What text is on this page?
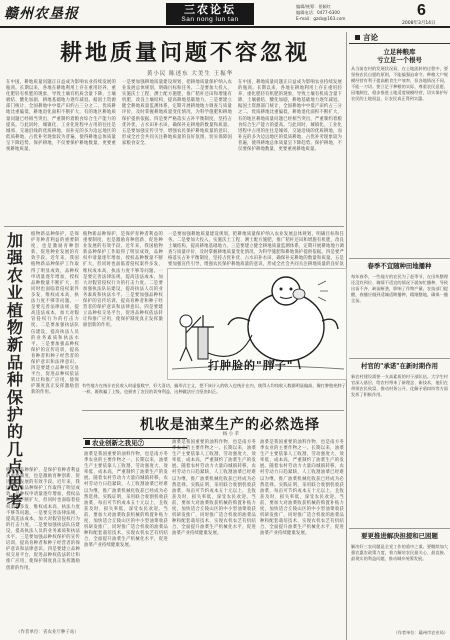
赣州农垦报	三农论坛
San nong lun tan
编辑/统筹：景颖红
编辑电话：0477-6300
E-mail：gzsb@163.com	6
2008年3月14日
耕地质量问题不容忽视
黄小民 陈述东 大美生 王振华
在中国，耕地质量问题正日益成为影响农业持续发展的瓶颈。长期以来，各地在耕地利用上存在重用轻养、重化肥轻有机肥的现象，导致土壤有机质含量下降、土壤板结、酸化加剧，耕地基础地力逐年减退。据国土资源部门统计，全国耕地中中低产田约占三分之二，优质耕地比重偏低，耕地退化面积不断扩大，有的地区耕地质量问题已经相当突出，严重制约着粮食综合生产能力的提高。与此同时，城镇化、工业化进程中占用的往往是城郊、交通沿线的优质耕地，而补充的多为边远地区的低质耕地，占优补劣现象较为普遍，使得耕地总体质量呈下降趋势。保护耕地，不仅要保护耕地数量，更要重视耕地质量。
一是要加强耕地质量建设规划，把耕地质量保护纳入农业发展总体规划，明确目标和任务。二是要加大投入，实施沃土工程、测土配方施肥，推广秸秆还田和增施有机肥，改良土壤结构，提高耕地基础地力。三是要建立健全耕地质量监测体系，定期开展耕地地力调查与质量评价，及时掌握耕地质量变化情况，为科学施肥和耕地保护提供依据。四是要严格落实占补平衡制度，坚持占优补优、占水田补水田，确保补充耕地的数量和质量。五是要加强宣传引导，增强农民保护耕地质量的意识，形成全社会共同关注耕地质量的良好氛围，切实保障国家粮食安全。
在中国，耕地质量问题正日益成为影响农业持续发展的瓶颈。长期以来，各地在耕地利用上存在重用轻养、重化肥轻有机肥的现象，导致土壤有机质含量下降、土壤板结、酸化加剧，耕地基础地力逐年减退。据国土资源部门统计，全国耕地中中低产田约占三分之二，优质耕地比重偏低，耕地退化面积不断扩大，有的地区耕地质量问题已经相当突出，严重制约着粮食综合生产能力的提高。与此同时，城镇化、工业化进程中占用的往往是城郊、交通沿线的优质耕地，而补充的多为边远地区的低质耕地，占优补劣现象较为普遍，使得耕地总体质量呈下降趋势。保护耕地，不仅要保护耕地数量，更要重视耕地质量。
加
强
农
业
植
物
新
品
种
保
护
的
几
点
思
考
植物新品种保护，是保护育种者利益的重要制度，也是激励育种创新、促进种业发展的有效手段。近年来，我国植物新品种保护工作取得了明显成效，品种权申请量逐年增加，授权品种数量不断扩大，但同时也面临着侵权案件多发、维权成本高、执法力度不够等问题。一是要完善法律法规，提高违法成本，加大对假冒侵权行为的打击力度。二是要加强执法队伍建设，提高执法人员的业务素质和执法水平。三是要加强品种权保护的宣传培训，提高育种者和种子经营者的保护意识和法律意识。四是要建立品种权交易平台，促进品种权依法转让和推广应用，使保护制度真正发挥激励创新的作用。
植物新品种保护，是保护育种者利益的重要制度，也是激励育种创新、促进种业发展的有效手段。近年来，我国植物新品种保护工作取得了明显成效，品种权申请量逐年增加，授权品种数量不断扩大，但同时也面临着侵权案件多发、维权成本高、执法力度不够等问题。一是要完善法律法规，提高违法成本，加大对假冒侵权行为的打击力度。二是要加强执法队伍建设，提高执法人员的业务素质和执法水平。三是要加强品种权保护的宣传培训，提高育种者和种子经营者的保护意识和法律意识。四是要建立品种权交易平台，促进品种权依法转让和推广应用，使保护制度真正发挥激励创新的作用。
植物新品种保护，是保护育种者利益的重要制度，也是激励育种创新、促进种业发展的有效手段。近年来，我国植物新品种保护工作取得了明显成效，品种权申请量逐年增加，授权品种数量不断扩大，但同时也面临着侵权案件多发、维权成本高、执法力度不够等问题。一是要完善法律法规，提高违法成本，加大对假冒侵权行为的打击力度。二是要加强执法队伍建设，提高执法人员的业务素质和执法水平。三是要加强品种权保护的宣传培训，提高育种者和种子经营者的保护意识和法律意识。四是要建立品种权交易平台，促进品种权依法转让和推广应用，使保护制度真正发挥激励创新的作用。
（作者单位：省农业厅种子站）
一是要加强耕地质量建设规划，把耕地质量保护纳入农业发展总体规划，明确目标和任务。二是要加大投入，实施沃土工程、测土配方施肥，推广秸秆还田和增施有机肥，改良土壤结构，提高耕地基础地力。三是要建立健全耕地质量监测体系，定期开展耕地地力调查与质量评价，及时掌握耕地质量变化情况，为科学施肥和耕地保护提供依据。四是要严格落实占补平衡制度，坚持占优补优、占水田补水田，确保补充耕地的数量和质量。五是要加强宣传引导，增强农民保护耕地质量的意识，形成全社会共同关注耕地质量的良好氛
打肿脸的"胖子"
有些地方在统计农民收入时虚报数字，好大喜功，搞形式主义，把不该计入的收入也统计在内，使得人均纯收入数据明显偏高，像打肿脸充胖子一样，既欺骗了上级，也损害了农民的切身利益，这种做法应当坚决纠正。
机收是油菜生产的必然选择
杨 小 苹
农业创新之我见⑦
油菜是我国重要的油料作物，也是南方冬季农业的主要作物之一。长期以来，油菜生产主要依靠人工收割，劳动强度大、效率低、成本高，严重制约了油菜生产的发展。随着农村劳动力大量向城镇转移，农村劳动力日趋紧缺，人工收割油菜已经难以为继，推广油菜机械化收获已经成为必然选择。实践证明，采用联合收割机收获油菜，每亩可节约成本五十元以上，且收获及时、损失率低，深受农民欢迎。当前，要加大对油菜收获机械的购置补贴力度，加快适合丘陵山区的中小型油菜收获机研发推广，同时推广适合机收的油菜品种和配套栽培技术，实现农机农艺有机结合，全面提升油菜生产机械化水平，促进油菜产业持续健康发展。
油菜是我国重要的油料作物，也是南方冬季农业的主要作物之一。长期以来，油菜生产主要依靠人工收割，劳动强度大、效率低、成本高，严重制约了油菜生产的发展。随着农村劳动力大量向城镇转移，农村劳动力日趋紧缺，人工收割油菜已经难以为继，推广油菜机械化收获已经成为必然选择。实践证明，采用联合收割机收获油菜，每亩可节约成本五十元以上，且收获及时、损失率低，深受农民欢迎。当前，要加大对油菜收获机械的购置补贴力度，加快适合丘陵山区的中小型油菜收获机研发推广，同时推广适合机收的油菜品种和配套栽培技术，实现农机农艺有机结合，全面提升油菜生产机械化水平，促进油菜产业持续健康发展。
油菜是我国重要的油料作物，也是南方冬季农业的主要作物之一。长期以来，油菜生产主要依靠人工收割，劳动强度大、效率低、成本高，严重制约了油菜生产的发展。随着农村劳动力大量向城镇转移，农村劳动力日趋紧缺，人工收割油菜已经难以为继，推广油菜机械化收获已经成为必然选择。实践证明，采用联合收割机收获油菜，每亩可节约成本五十元以上，且收获及时、损失率低，深受农民欢迎。当前，要加大对油菜收获机械的购置补贴力度，加快适合丘陵山区的中小型油菜收获机研发推广，同时推广适合机收的油菜品种和配套栽培技术，实现农机农艺有机结合，全面提升油菜生产机械化水平，促进油菜产业持续健康发展。
言论
立足种粮库
亏立足一个根号
从当前农村的发展状况看，在土地流转的过程中，要坚持农民自愿的原则，不能搞强迫命令。种粮大户规模经营有利于提高粮食生产效率，但各地情况不同，不能一刀切。要立足于种粮的实际，尊重农民意愿，因地制宜，稳步推进土地适度规模经营，切实保护好农民的土地权益，让农民真正得到实惠。
春季不宜随种田地播种
每年春季，一些地方的农民为了赶季节，在田块整理还没有到位、墒情不适宜的情况下就匆忙播种，导致出苗不齐、缺苗断垄，影响了作物产量。农技部门提醒，春播应做到适墒适期播种，精细整地，确保一播全苗。
村官的"承诺"在新时期作用
新农村建设需要一支高素质的村干部队伍。大学生村官深入基层，给农村带来了新理念、新技术，他们在带领农民致富、推动村务公开、化解矛盾纠纷等方面发挥了积极作用。
要更推进解决担提和已困题
解决好三农问题是全党工作的重中之重。要继续加大强农惠农政策力度，着力解决农民最关心、最直接、最现实的利益问题，推动城乡统筹发展。
（作者单位：赣州市农业局）
